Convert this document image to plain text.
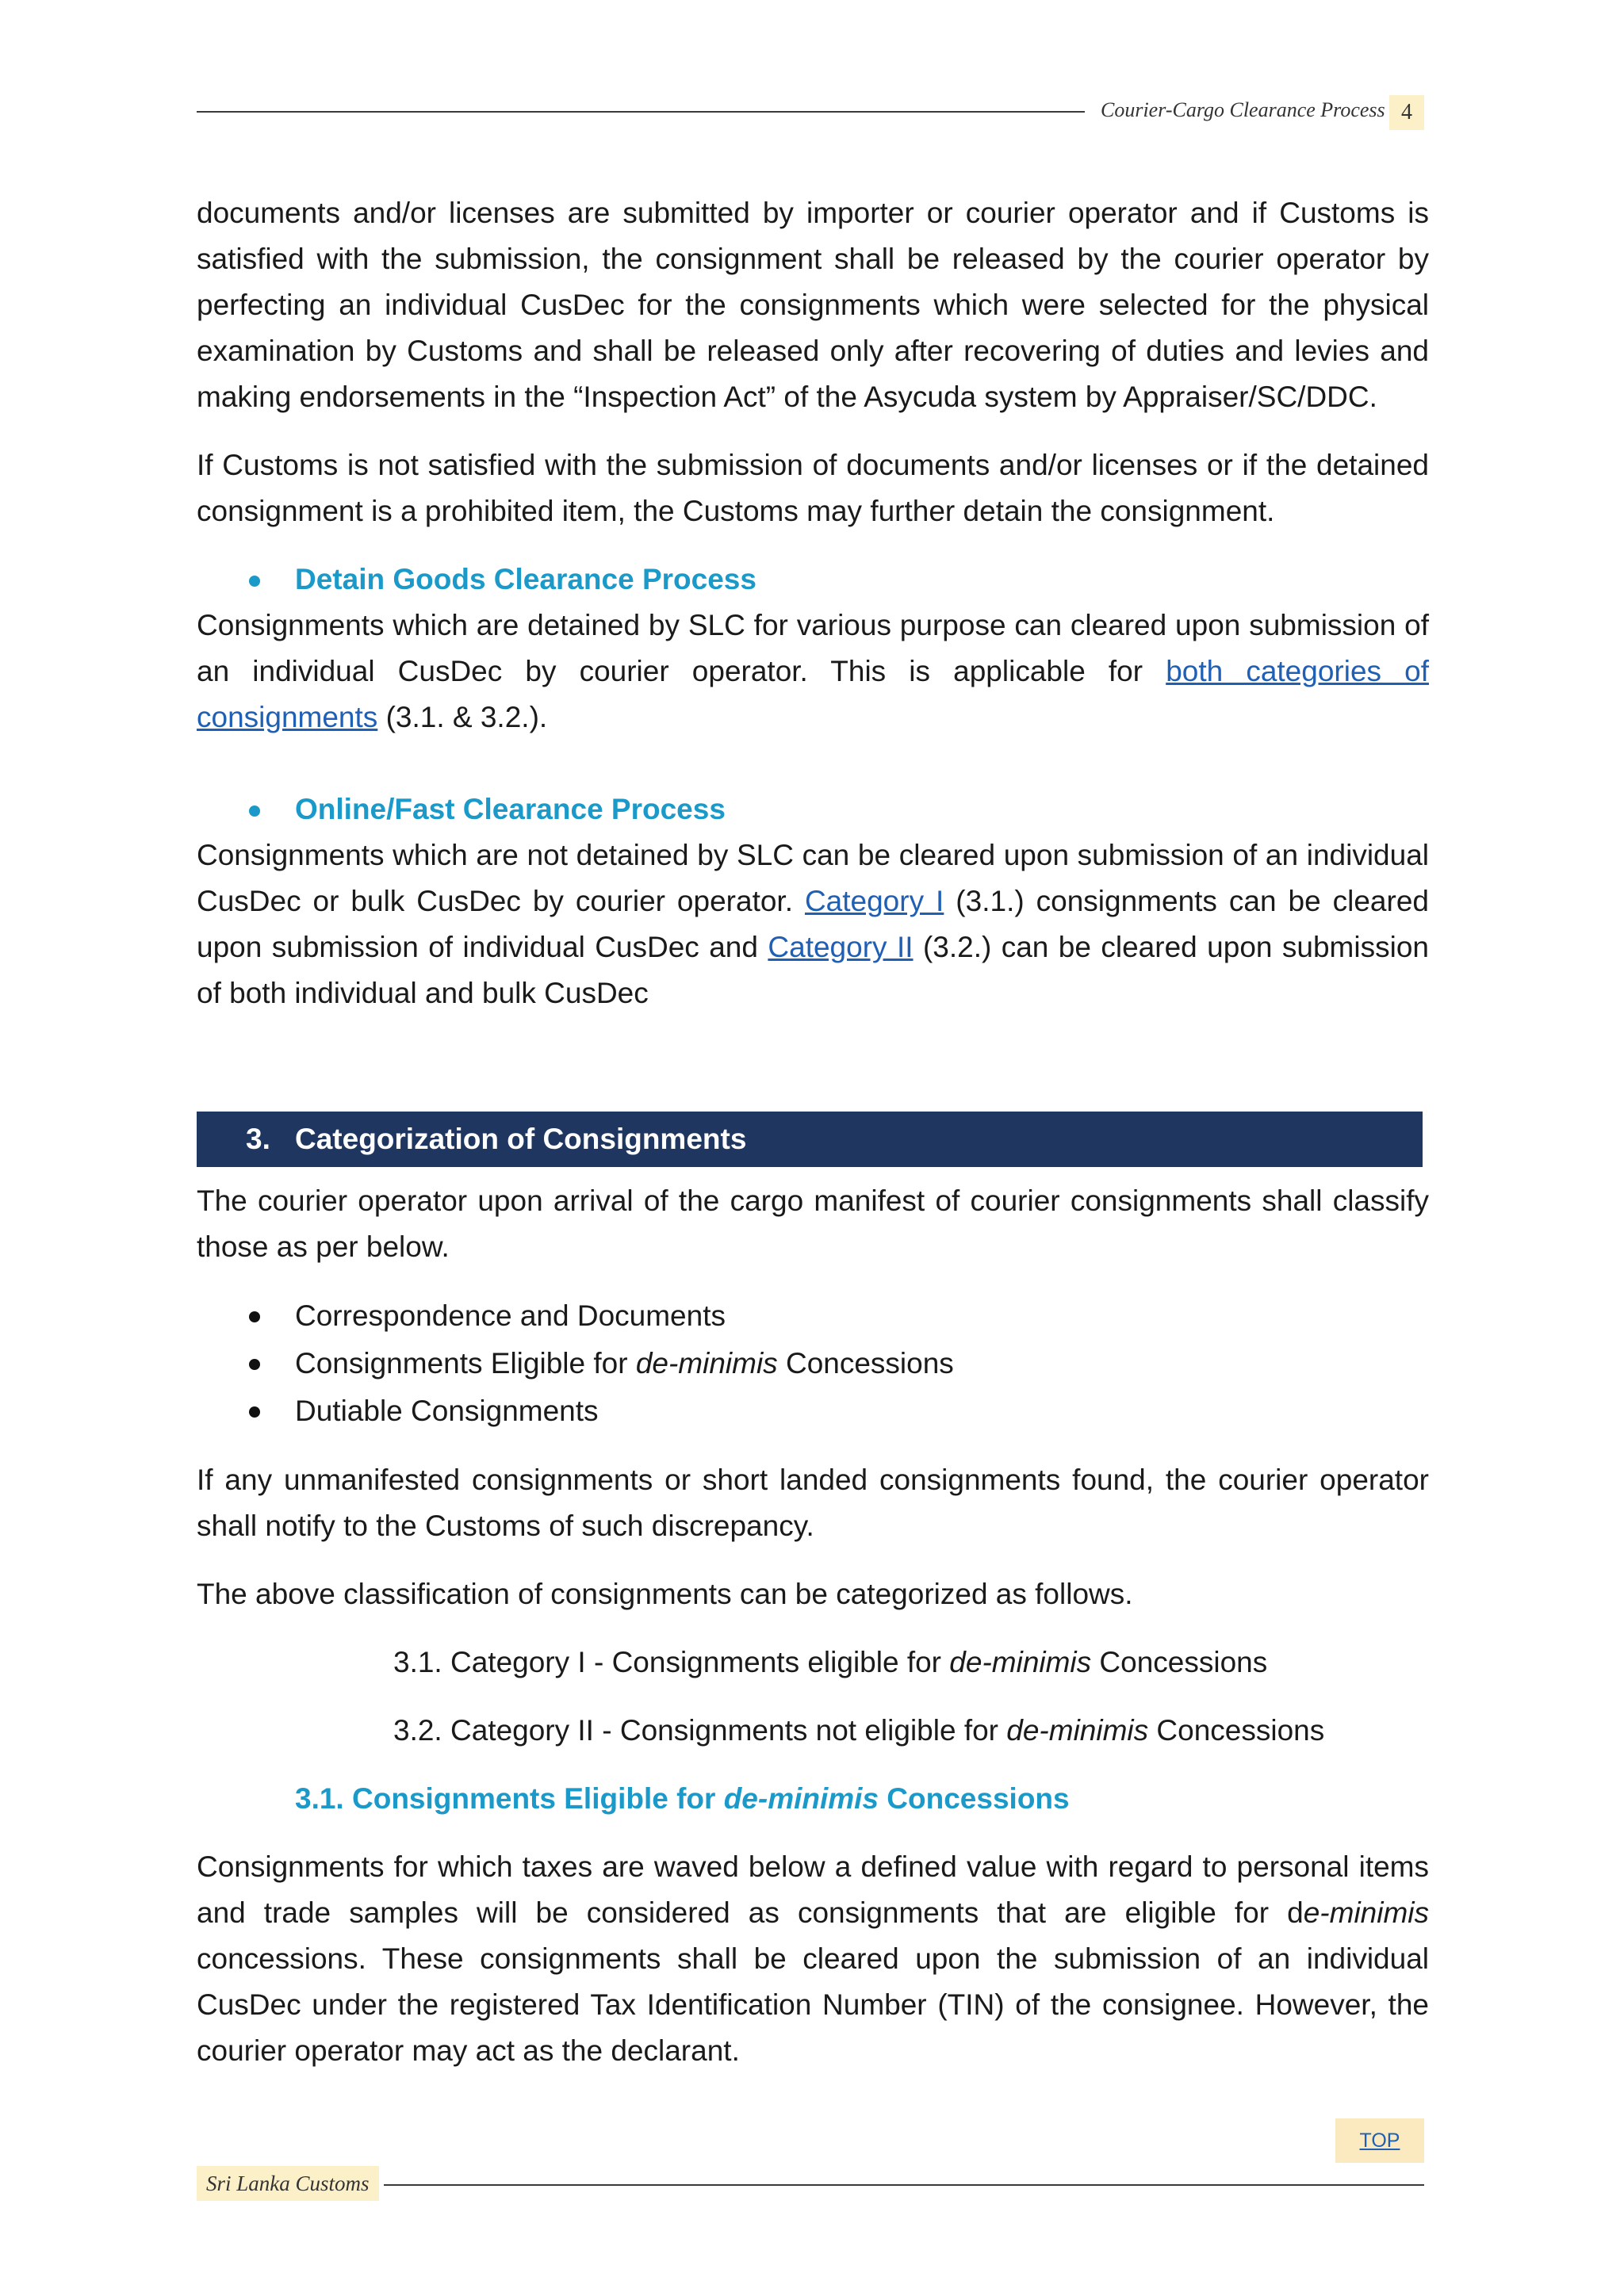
Courier-Cargo Clearance Process 4

documents and/or licenses are submitted by importer or courier operator and if Customs is satisfied with the submission, the consignment shall be released by the courier operator by perfecting an individual CusDec for the consignments which were selected for the physical examination by Customs and shall be released only after recovering of duties and levies and making endorsements in the “Inspection Act” of the Asycuda system by Appraiser/SC/DDC.

If Customs is not satisfied with the submission of documents and/or licenses or if the detained consignment is a prohibited item, the Customs may further detain the consignment.

Detain Goods Clearance Process

Consignments which are detained by SLC for various purpose can cleared upon submission of an individual CusDec by courier operator. This is applicable for both categories of consignments (3.1. & 3.2.).

Online/Fast Clearance Process

Consignments which are not detained by SLC can be cleared upon submission of an individual CusDec or bulk CusDec by courier operator. Category I (3.1.) consignments can be cleared upon submission of individual CusDec and Category II (3.2.) can be cleared upon submission of both individual and bulk CusDec

3. Categorization of Consignments

The courier operator upon arrival of the cargo manifest of courier consignments shall classify those as per below.

Correspondence and Documents
Consignments Eligible for de-minimis Concessions
Dutiable Consignments

If any unmanifested consignments or short landed consignments found, the courier operator shall notify to the Customs of such discrepancy.

The above classification of consignments can be categorized as follows.

3.1. Category I - Consignments eligible for de-minimis Concessions
3.2. Category II - Consignments not eligible for de-minimis Concessions
3.1. Consignments Eligible for de-minimis Concessions

Consignments for which taxes are waved below a defined value with regard to personal items and trade samples will be considered as consignments that are eligible for de-minimis concessions. These consignments shall be cleared upon the submission of an individual CusDec under the registered Tax Identification Number (TIN) of the consignee. However, the courier operator may act as the declarant.

TOP
Sri Lanka Customs
